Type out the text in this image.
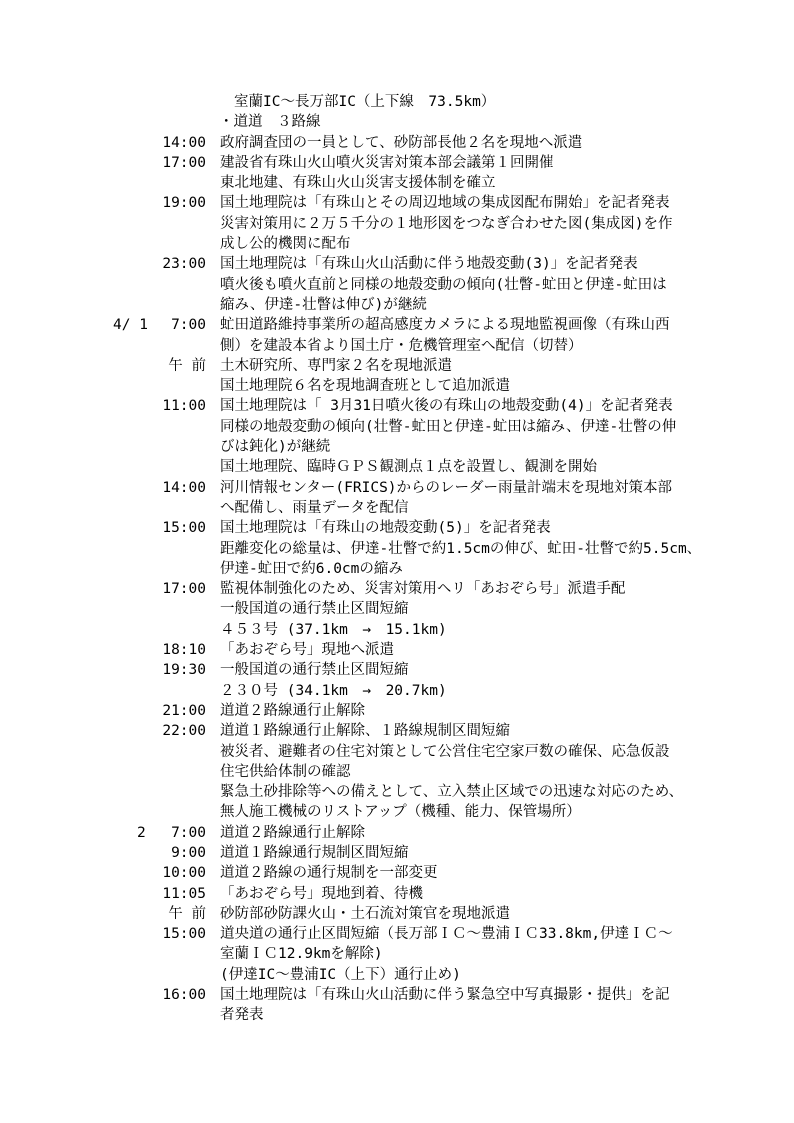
室蘭IC～長万部IC（上下線　73.5km）
・道道　３路線
14:00 政府調査団の一員として、砂防部長他２名を現地へ派遣
17:00 建設省有珠山火山噴火災害対策本部会議第１回開催
東北地建、有珠山火山災害支援体制を確立
19:00 国土地理院は「有珠山とその周辺地域の集成図配布開始」を記者発表
災害対策用に２万５千分の１地形図をつなぎ合わせた図(集成図)を作
成し公的機関に配布
23:00 国土地理院は「有珠山火山活動に伴う地殻変動(3)」を記者発表
噴火後も噴火直前と同様の地殻変動の傾向(壮瞥-虻田と伊達-虻田は
縮み、伊達-壮瞥は伸び)が継続
4/ 1	7:00 虻田道路維持事業所の超高感度カメラによる現地監視画像（有珠山西
側）を建設本省より国土庁・危機管理室へ配信（切替）
午 前 土木研究所、専門家２名を現地派遣
国土地理院６名を現地調査班として追加派遣
11:00 国土地理院は「 3月31日噴火後の有珠山の地殻変動(4)」を記者発表
同様の地殻変動の傾向(壮瞥-虻田と伊達-虻田は縮み、伊達-壮瞥の伸
びは鈍化)が継続
国土地理院、臨時ＧＰＳ観測点１点を設置し、観測を開始
14:00 河川情報センター(FRICS)からのレーダー雨量計端末を現地対策本部
へ配備し、雨量データを配信
15:00 国土地理院は「有珠山の地殻変動(5)」を記者発表
距離変化の総量は、伊達-壮瞥で約1.5cmの伸び、虻田-壮瞥で約5.5cm、
伊達-虻田で約6.0cmの縮み
17:00 監視体制強化のため、災害対策用ヘリ「あおぞら号」派遣手配
一般国道の通行禁止区間短縮
４５３号 (37.1km　→　15.1km)
18:10 「あおぞら号」現地へ派遣
19:30 一般国道の通行禁止区間短縮
２３０号 (34.1km　→　20.7km)
21:00 道道２路線通行止解除
22:00 道道１路線通行止解除、１路線規制区間短縮
被災者、避難者の住宅対策として公営住宅空家戸数の確保、応急仮設
住宅供給体制の確認
緊急土砂排除等への備えとして、立入禁止区域での迅速な対応のため、
無人施工機械のリストアップ（機種、能力、保管場所）
2	7:00 道道２路線通行止解除
9:00 道道１路線通行規制区間短縮
10:00 道道２路線の通行規制を一部変更
11:05 「あおぞら号」現地到着、待機
午 前 砂防部砂防課火山・土石流対策官を現地派遣
15:00 道央道の通行止区間短縮（長万部ＩＣ～豊浦ＩＣ33.8km,伊達ＩＣ～
室蘭ＩＣ12.9kmを解除)
(伊達IC～豊浦IC（上下）通行止め)
16:00 国土地理院は「有珠山火山活動に伴う緊急空中写真撮影・提供」を記
者発表
